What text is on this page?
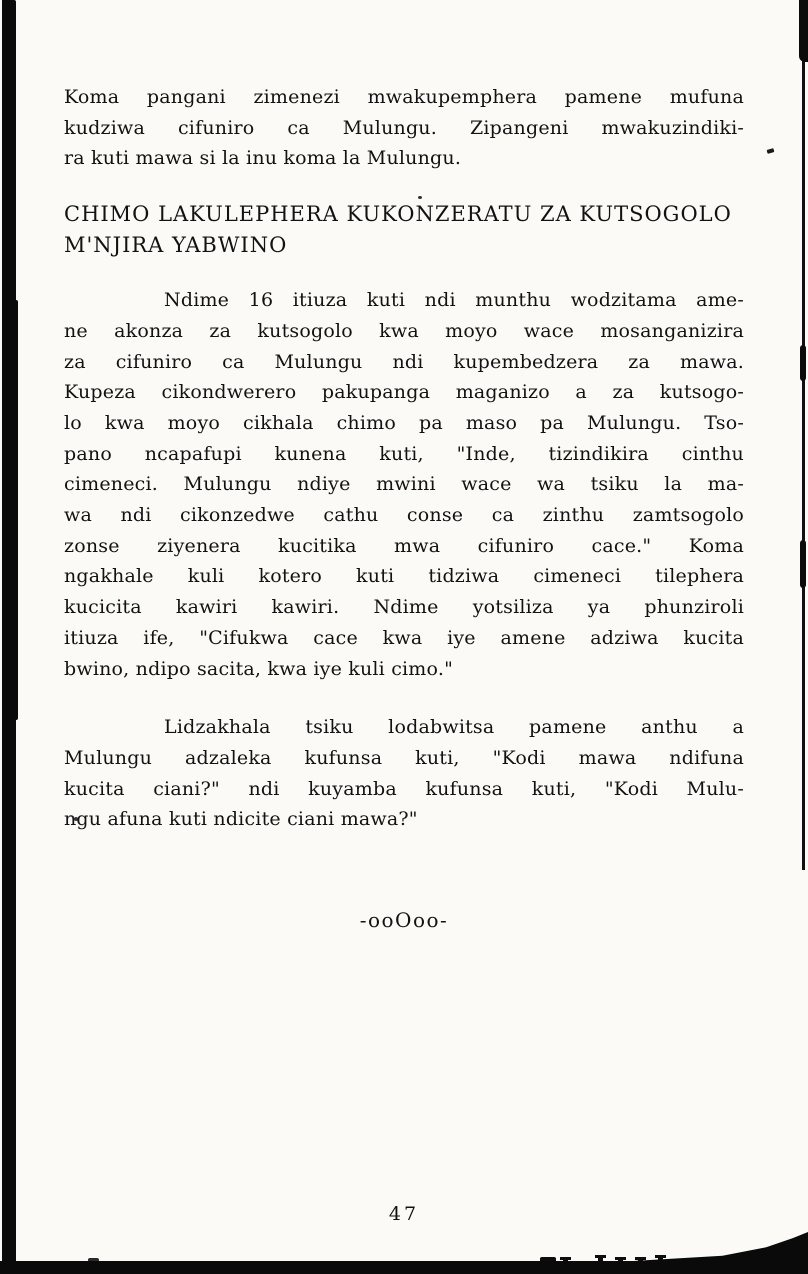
Koma pangani zimenezi mwakupemphera pamene mufuna
kudziwa cifuniro ca Mulungu. Zipangeni mwakuzindiki-
ra kuti mawa si la inu koma la Mulungu.
CHIMO LAKULEPHERA KUKONZERATU ZA KUTSOGOLO
M'NJIRA YABWINO
Ndime 16 itiuza kuti ndi munthu wodzitama ame-
ne akonza za kutsogolo kwa moyo wace mosanganizira
za cifuniro ca Mulungu ndi kupembedzera za mawa.
Kupeza cikondwerero pakupanga maganizo a za kutsogo-
lo kwa moyo cikhala chimo pa maso pa Mulungu. Tso-
pano ncapafupi kunena kuti, "Inde, tizindikira cinthu
cimeneci. Mulungu ndiye mwini wace wa tsiku la ma-
wa ndi cikonzedwe cathu conse ca zinthu zamtsogolo
zonse ziyenera kucitika mwa cifuniro cace." Koma
ngakhale kuli kotero kuti tidziwa cimeneci tilephera
kucicita kawiri kawiri. Ndime yotsiliza ya phunziroli
itiuza ife, "Cifukwa cace kwa iye amene adziwa kucita
bwino, ndipo sacita, kwa iye kuli cimo."
Lidzakhala tsiku lodabwitsa pamene anthu a
Mulungu adzaleka kufunsa kuti, "Kodi mawa ndifuna
kucita ciani?" ndi kuyamba kufunsa kuti, "Kodi Mulu-
ngu afuna kuti ndicite ciani mawa?"
-ooOoo-
47
